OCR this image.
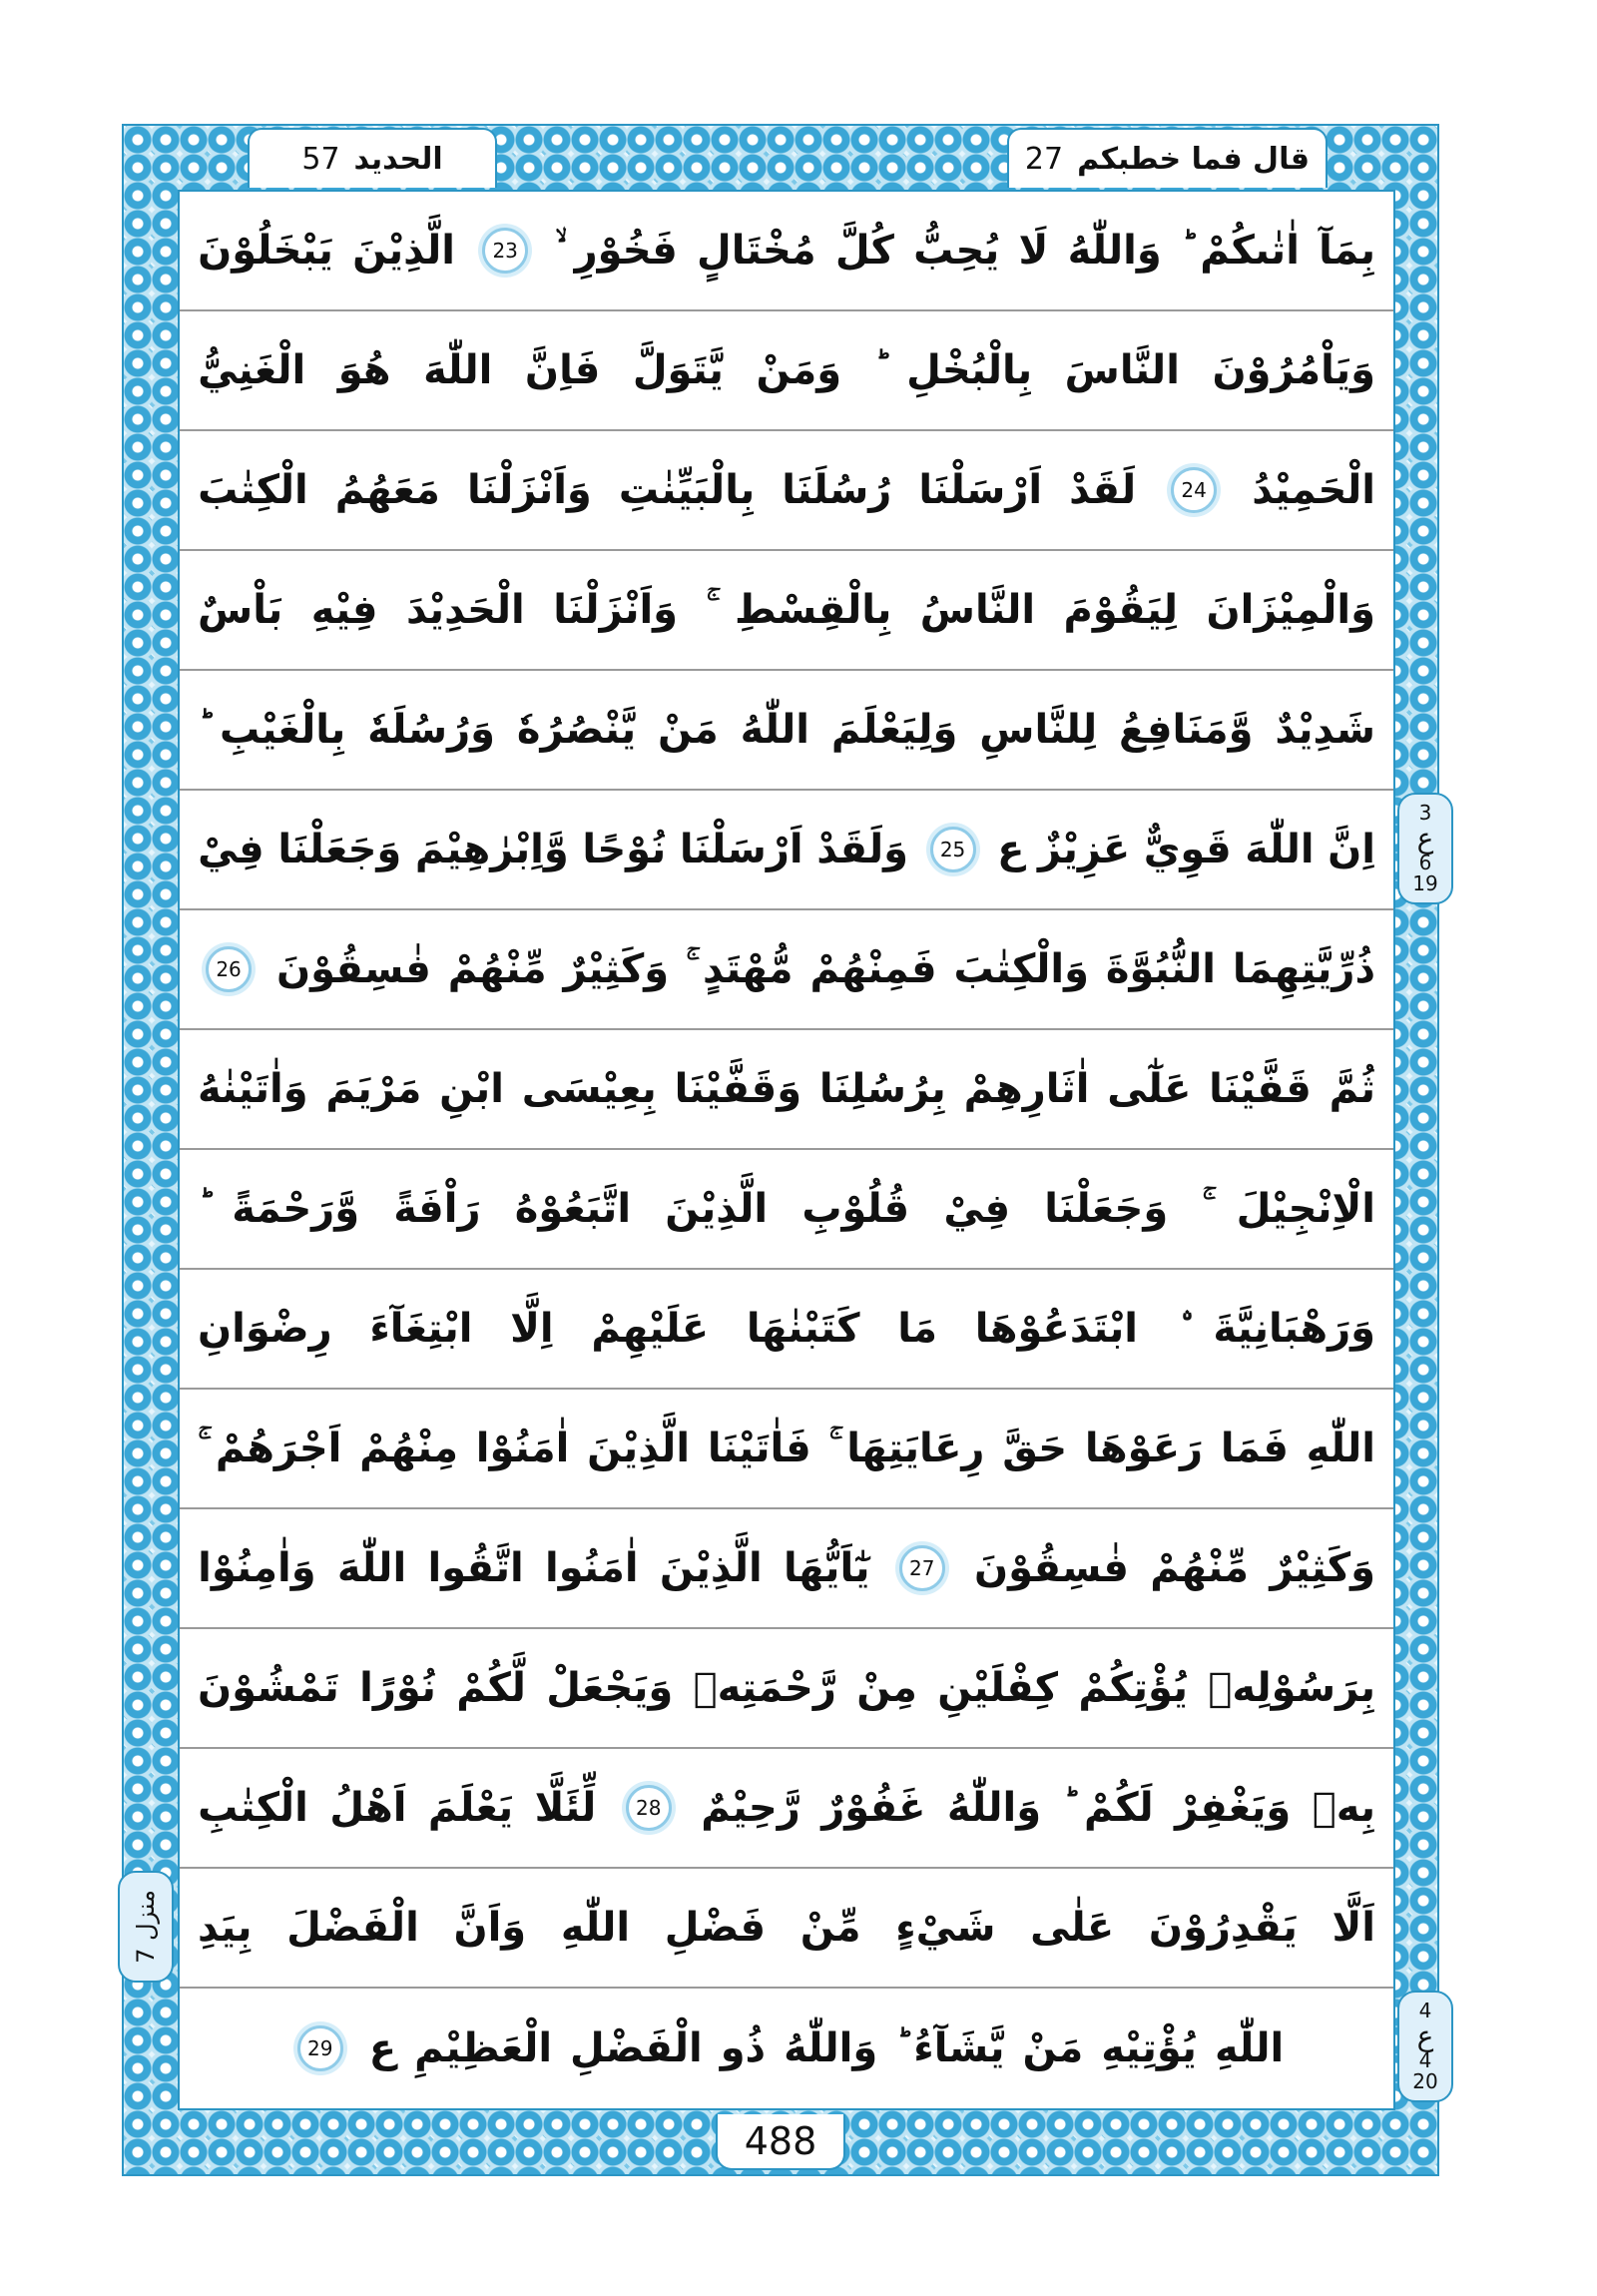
الحدید
57	قال فما خطبكم
27
بِمَآ
اٰتٰىكُمْ
وَاللّٰهُ
لَا
يُحِبُّ
كُلَّ
مُخْتَالٍ
فَخُوْرِ
23
الَّذِيْنَ
يَبْخَلُوْنَ
وَيَاْمُرُوْنَ
النَّاسَ
بِالْبُخْلِ
وَمَنْ
يَّتَوَلَّ
فَاِنَّ
اللّٰهَ
هُوَ
الْغَنِيُّ
الْحَمِيْدُ
24
لَقَدْ
اَرْسَلْنَا
رُسُلَنَا
بِالْبَيِّنٰتِ
وَاَنْزَلْنَا
مَعَهُمُ
الْكِتٰبَ
وَالْمِيْزَانَ
لِيَقُوْمَ
النَّاسُ
بِالْقِسْطِ
وَاَنْزَلْنَا
الْحَدِيْدَ
فِيْهِ
بَاْسٌ
شَدِيْدٌ
وَّمَنَافِعُ
لِلنَّاسِ
وَلِيَعْلَمَ
اللّٰهُ
مَنْ
يَّنْصُرُهٗ
وَرُسُلَهٗ
بِالْغَيْبِ
اِنَّ
اللّٰهَ
قَوِيٌّ
عَزِيْزٌ
ع
25
وَلَقَدْ
اَرْسَلْنَا
نُوْحًا
وَّاِبْرٰهِيْمَ
وَجَعَلْنَا
فِيْ
3
ع
6
19
ذُرِّيَّتِهِمَا
النُّبُوَّةَ
وَالْكِتٰبَ
فَمِنْهُمْ
مُّهْتَدٍ
وَكَثِيْرٌ
مِّنْهُمْ
فٰسِقُوْنَ
26
ثُمَّ
قَفَّيْنَا
عَلٰٓى
اٰثَارِهِمْ
بِرُسُلِنَا
وَقَفَّيْنَا
بِعِيْسَى
ابْنِ
مَرْيَمَ
وَاٰتَيْنٰهُ
الْاِنْجِيْلَ
وَجَعَلْنَا
فِيْ
قُلُوْبِ
الَّذِيْنَ
اتَّبَعُوْهُ
رَاْفَةً
وَّرَحْمَةً
وَرَهْبَانِيَّةَ
ابْتَدَعُوْهَا
مَا
كَتَبْنٰهَا
عَلَيْهِمْ
اِلَّا
ابْتِغَآءَ
رِضْوَانِ
اللّٰهِ
فَمَا
رَعَوْهَا
حَقَّ
رِعَايَتِهَا
فَاٰتَيْنَا
الَّذِيْنَ
اٰمَنُوْا
مِنْهُمْ
اَجْرَهُمْ
وَكَثِيْرٌ
مِّنْهُمْ
فٰسِقُوْنَ
27
يٰٓاَيُّهَا
الَّذِيْنَ
اٰمَنُوا
اتَّقُوا
اللّٰهَ
وَاٰمِنُوْا
بِرَسُوْلِهٖ
يُؤْتِكُمْ
كِفْلَيْنِ
مِنْ
رَّحْمَتِهٖ
وَيَجْعَلْ
لَّكُمْ
نُوْرًا
تَمْشُوْنَ
بِهٖ
وَيَغْفِرْ
لَكُمْ
وَاللّٰهُ
غَفُوْرٌ
رَّحِيْمٌ
28
لِّئَلَّا
يَعْلَمَ
اَهْلُ
الْكِتٰبِ
اَلَّا
يَقْدِرُوْنَ
عَلٰى
شَيْءٍ
مِّنْ
فَضْلِ
اللّٰهِ
وَاَنَّ
الْفَضْلَ
بِيَدِ
منزل 7
اللّٰهِ
يُؤْتِيْهِ
مَنْ
يَّشَآءُ
وَاللّٰهُ
ذُو
الْفَضْلِ
الْعَظِيْمِ
ع
29
4
ع
4
20
488
